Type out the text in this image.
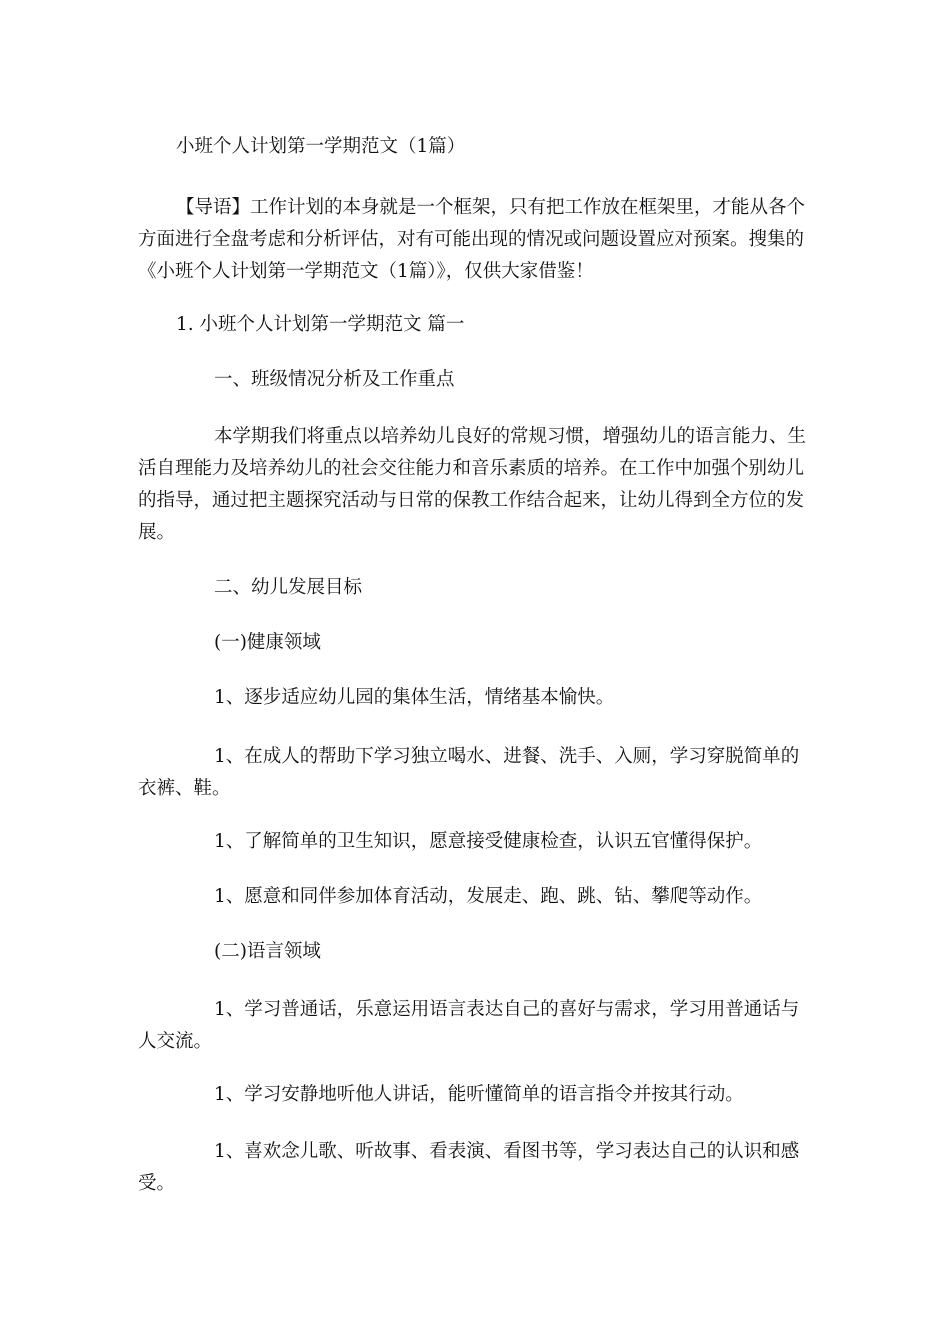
小班个人计划第一学期范文（1篇）

【导语】工作计划的本身就是一个框架，只有把工作放在框架里，才能从各个方面进行全盘考虑和分析评估，对有可能出现的情况或问题设置应对预案。搜集的《小班个人计划第一学期范文（1篇）》，仅供大家借鉴！

1. 小班个人计划第一学期范文 篇一

一、班级情况分析及工作重点

本学期我们将重点以培养幼儿良好的常规习惯，增强幼儿的语言能力、生活自理能力及培养幼儿的社会交往能力和音乐素质的培养。在工作中加强个别幼儿的指导，通过把主题探究活动与日常的保教工作结合起来，让幼儿得到全方位的发展。

二、幼儿发展目标

(一)健康领域

1、逐步适应幼儿园的集体生活，情绪基本愉快。

1、在成人的帮助下学习独立喝水、进餐、洗手、入厕，学习穿脱简单的衣裤、鞋。

1、了解简单的卫生知识，愿意接受健康检查，认识五官懂得保护。

1、愿意和同伴参加体育活动，发展走、跑、跳、钻、攀爬等动作。

(二)语言领域

1、学习普通话，乐意运用语言表达自己的喜好与需求，学习用普通话与人交流。

1、学习安静地听他人讲话，能听懂简单的语言指令并按其行动。

1、喜欢念儿歌、听故事、看表演、看图书等，学习表达自己的认识和感受。
